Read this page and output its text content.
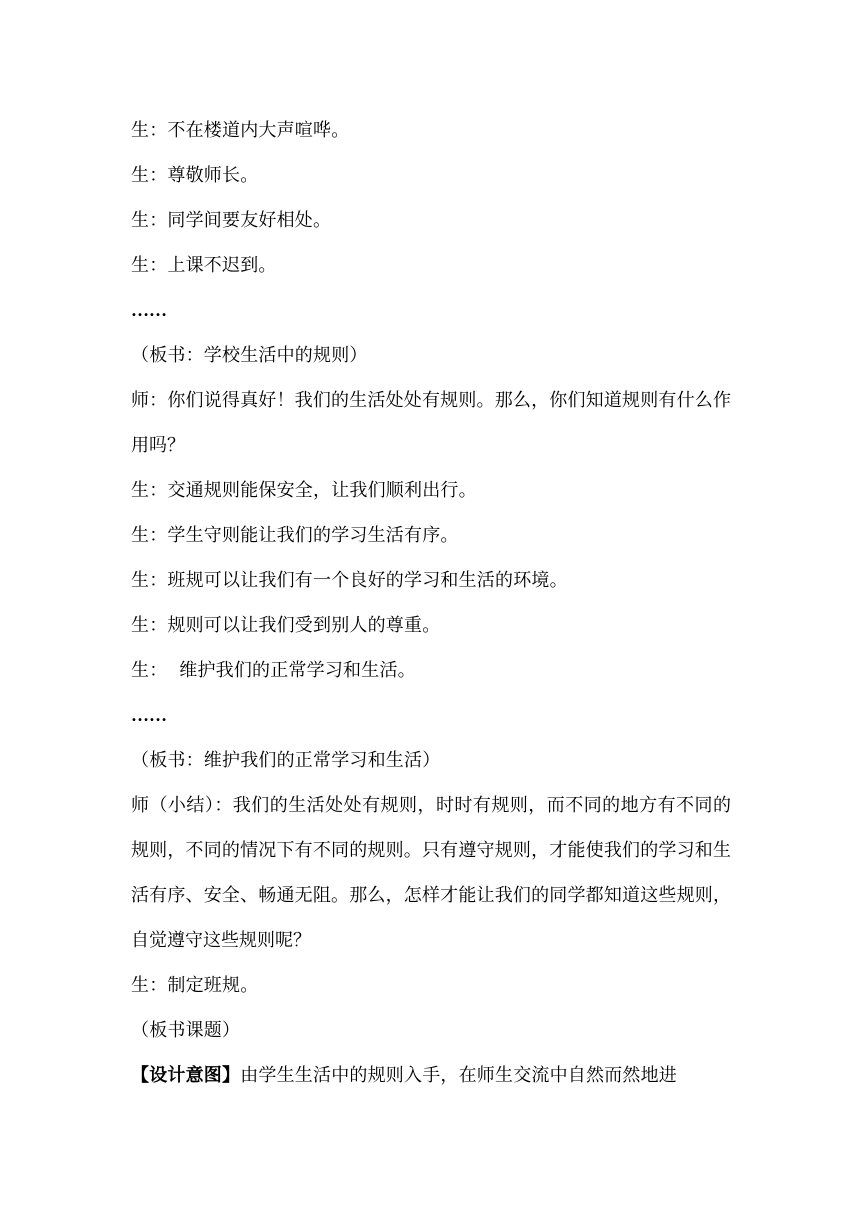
生：不在楼道内大声喧哗。
生：尊敬师长。
生：同学间要友好相处。
生：上课不迟到。
……
（板书：学校生活中的规则）
师：你们说得真好！我们的生活处处有规则。那么，你们知道规则有什么作用吗？
生：交通规则能保安全，让我们顺利出行。
生：学生守则能让我们的学习生活有序。
生：班规可以让我们有一个良好的学习和生活的环境。
生：规则可以让我们受到别人的尊重。
生：  维护我们的正常学习和生活。
……
（板书：维护我们的正常学习和生活）
师（小结）：我们的生活处处有规则，时时有规则，而不同的地方有不同的规则，不同的情况下有不同的规则。只有遵守规则，才能使我们的学习和生活有序、安全、畅通无阻。那么，怎样才能让我们的同学都知道这些规则，自觉遵守这些规则呢？
生：制定班规。
（板书课题）
【设计意图】由学生生活中的规则入手，在师生交流中自然而然地进
